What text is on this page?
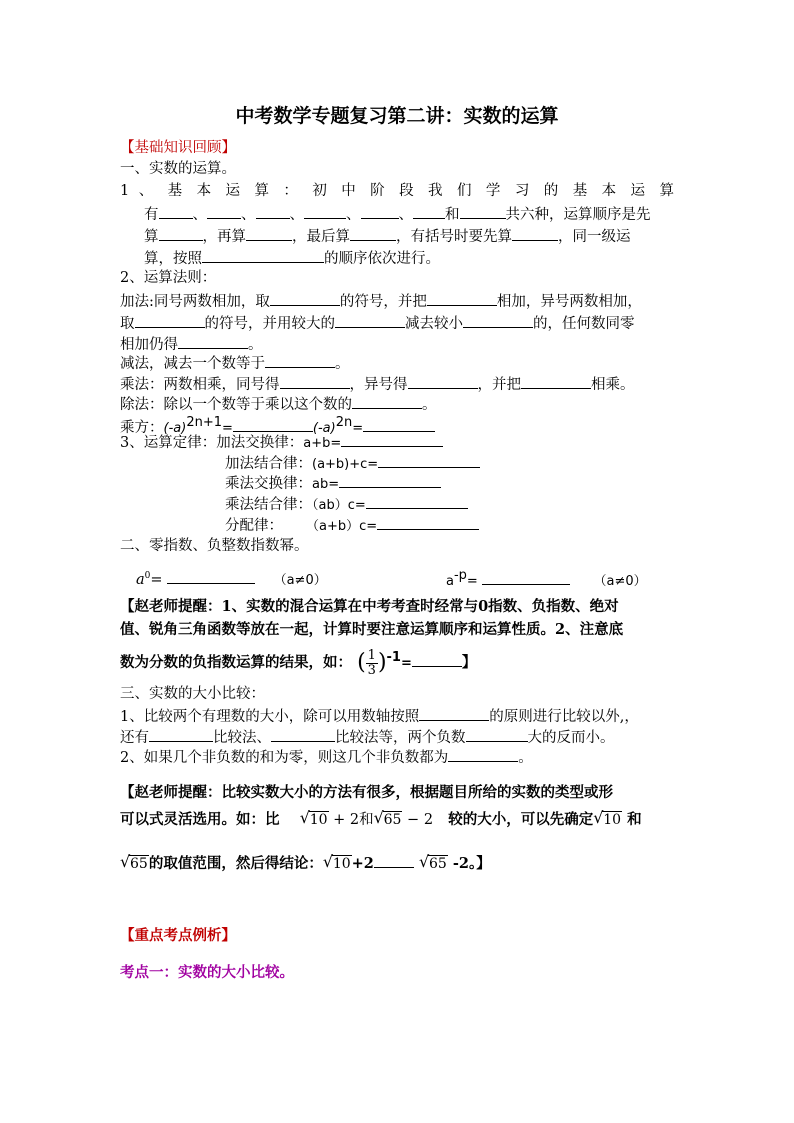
中考数学专题复习第二讲：实数的运算
【基础知识回顾】
一、实数的运算。
1 、 基 本 运 算 ： 初 中 阶 段 我 们 学 习 的 基 本 运 算
有 、 、 、	、	、 和	共六种，运算顺序是先
算	，再算	，最后算	，有括号时要先算	，同一级运
算，按照	的顺序依次进行。
2、运算法则：
加法:同号两数相加，取	的符号，并把	相加，异号两数相加，
取	的符号，并用较大的	减去较小	的，任何数同零
相加仍得	。
减法，减去一个数等于	。
乘法：两数相乘，同号得	，异号得	，并把	相乘。
除法：除以一个数等于乘以这个数的	。
乘方：(-a)2n+1=	(-a)2n=
3、运算定律：加法交换律：a+b=
加法结合律：(a+b)+c=
乘法交换律：ab=
乘法结合律：（ab）c=
分配律： （a+b）c=
二、零指数、负整数指数幂。
$a^0=$	（a≠0）	a-p=	（a≠0）
【赵老师提醒：1、实数的混合运算在中考考查时经常与0指数、负指数、绝对
值、锐角三角函数等放在一起，计算时要注意运算顺序和运算性质。2、注意底
数为分数的负指数运算的结果，如： ( $\frac{1}{3} )-1=$	】
三、实数的大小比较：
1、比较两个有理数的大小，除可以用数轴按照	的原则进行比较以外,，
还有	比较法、	比较法等，两个负数	大的反而小。
2、如果几个非负数的和为零，则这几个非负数都为	。
【赵老师提醒：比较实数大小的方法有很多，根据题目所给的实数的类型或形
可以式灵活选用。如：比 √ 10 + 2和 √ 65 − 2 较的大小，可以先确定 √ 10 和
√ 65的取值范围，然后得结论： √ 10+2	√ 65 -2。】
【重点考点例析】
考点一：实数的大小比较。
